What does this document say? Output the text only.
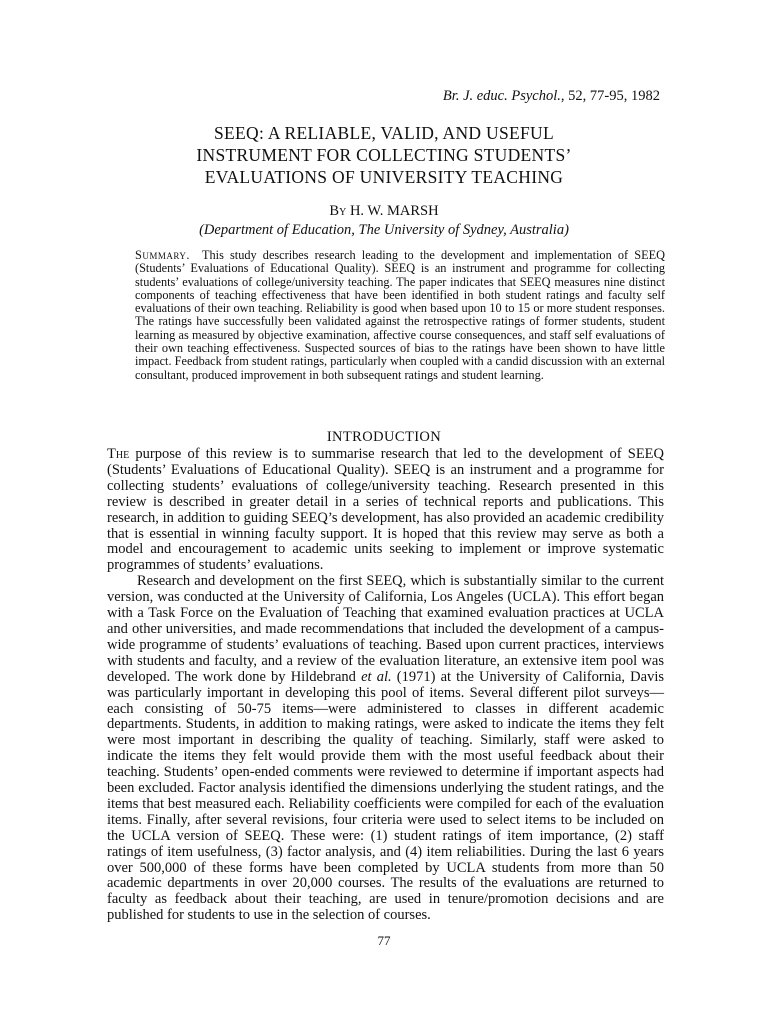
Br. J. educ. Psychol., 52, 77-95, 1982
SEEQ: A RELIABLE, VALID, AND USEFUL
INSTRUMENT FOR COLLECTING STUDENTS’
EVALUATIONS OF UNIVERSITY TEACHING
By H. W. MARSH
(Department of Education, The University of Sydney, Australia)
Summary. This study describes research leading to the development and implementation of SEEQ (Students’ Evaluations of Educational Quality). SEEQ is an instrument and programme for collecting students’ evaluations of college/university teaching. The paper indicates that SEEQ measures nine distinct components of teaching effectiveness that have been identified in both student ratings and faculty self evaluations of their own teaching. Reliability is good when based upon 10 to 15 or more student responses. The ratings have successfully been validated against the retrospective ratings of former students, student learning as measured by objective examination, affective course consequences, and staff self evaluations of their own teaching effectiveness. Suspected sources of bias to the ratings have been shown to have little impact. Feedback from student ratings, particularly when coupled with a candid discussion with an external consultant, produced improvement in both subsequent ratings and student learning.
INTRODUCTION

The purpose of this review is to summarise research that led to the development of SEEQ (Students’ Evaluations of Educational Quality). SEEQ is an instrument and a programme for collecting students’ evaluations of college/university teaching. Research presented in this review is described in greater detail in a series of technical reports and publications. This research, in addition to guiding SEEQ’s development, has also provided an academic credibility that is essential in winning faculty support. It is hoped that this review may serve as both a model and encouragement to academic units seeking to implement or improve systematic programmes of students’ evaluations.

Research and development on the first SEEQ, which is substantially similar to the current version, was conducted at the University of California, Los Angeles (UCLA). This effort began with a Task Force on the Evaluation of Teaching that examined evaluation practices at UCLA and other universities, and made recommendations that included the development of a campus-wide programme of students’ evaluations of teaching. Based upon current practices, interviews with students and faculty, and a review of the evaluation literature, an extensive item pool was developed. The work done by Hildebrand et al. (1971) at the University of California, Davis was particularly important in developing this pool of items. Several different pilot surveys—each consisting of 50-75 items—were administered to classes in different academic departments. Students, in addition to making ratings, were asked to indicate the items they felt were most important in describing the quality of teaching. Similarly, staff were asked to indicate the items they felt would provide them with the most useful feedback about their teaching. Students’ open-ended comments were reviewed to determine if important aspects had been excluded. Factor analysis identified the dimensions underlying the student ratings, and the items that best measured each. Reliability coefficients were compiled for each of the evaluation items. Finally, after several revisions, four criteria were used to select items to be included on the UCLA version of SEEQ. These were: (1) student ratings of item importance, (2) staff ratings of item usefulness, (3) factor analysis, and (4) item reliabilities. During the last 6 years over 500,000 of these forms have been completed by UCLA students from more than 50 academic departments in over 20,000 courses. The results of the evaluations are returned to faculty as feedback about their teaching, are used in tenure/promotion decisions and are published for students to use in the selection of courses.

77
